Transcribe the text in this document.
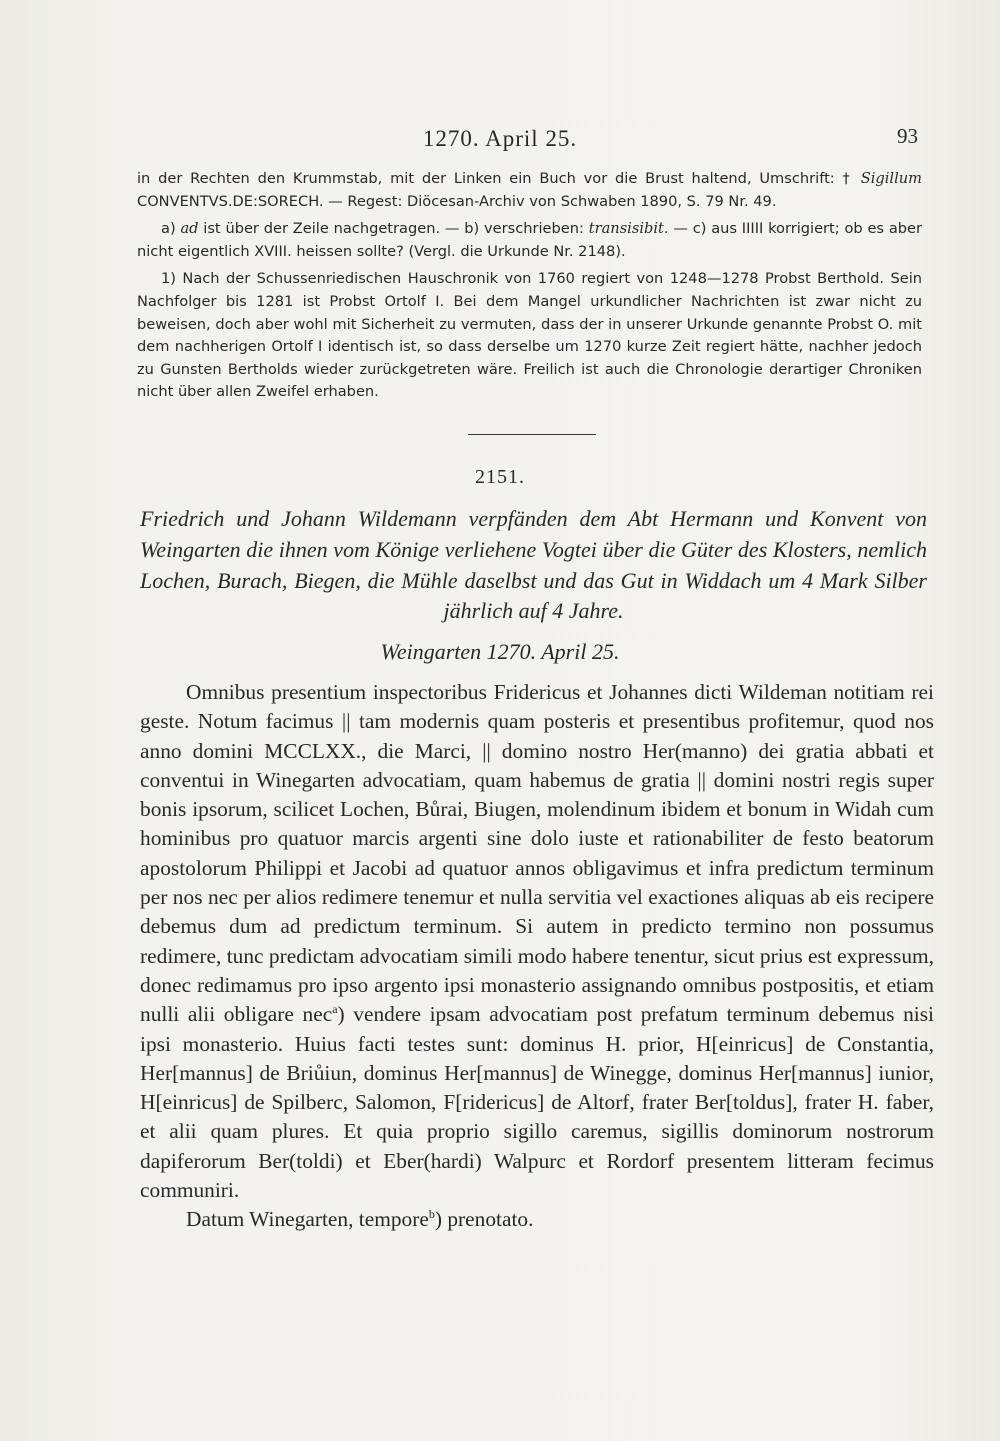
1270. April 25.	93

in der Rechten den Krummstab, mit der Linken ein Buch vor die Brust haltend, Umschrift: † Sigillum CONVENTVS.DE:SORECH. — Regest: Diöcesan-Archiv von Schwaben 1890, S. 79 Nr. 49.

a) ad ist über der Zeile nachgetragen. — b) verschrieben: transisibit. — c) aus IIIII korrigiert; ob es aber nicht eigentlich XVIII. heissen sollte? (Vergl. die Urkunde Nr. 2148).

1) Nach der Schussenriedischen Hauschronik von 1760 regiert von 1248—1278 Probst Berthold. Sein Nachfolger bis 1281 ist Probst Ortolf I. Bei dem Mangel urkundlicher Nachrichten ist zwar nicht zu beweisen, doch aber wohl mit Sicherheit zu vermuten, dass der in unserer Urkunde genannte Probst O. mit dem nachherigen Ortolf I identisch ist, so dass derselbe um 1270 kurze Zeit regiert hätte, nachher jedoch zu Gunsten Bertholds wieder zurückgetreten wäre. Freilich ist auch die Chronologie derartiger Chroniken nicht über allen Zweifel erhaben.

2151.
Friedrich und Johann Wildemann verpfänden dem Abt Hermann und Konvent von Weingarten die ihnen vom Könige verliehene Vogtei über die Güter des Klosters, nemlich Lochen, Burach, Biegen, die Mühle daselbst und das Gut in Widdach um 4 Mark Silber jährlich auf 4 Jahre.
Weingarten 1270. April 25.

Omnibus presentium inspectoribus Fridericus et Johannes dicti Wildeman notitiam rei geste. Notum facimus || tam modernis quam posteris et presentibus profitemur, quod nos anno domini MCCLXX., die Marci, || domino nostro Her(manno) dei gratia abbati et conventui in Winegarten advocatiam, quam habemus de gratia || domini nostri regis super bonis ipsorum, scilicet Lochen, Bůrai, Biugen, molendinum ibidem et bonum in Widah cum hominibus pro quatuor marcis argenti sine dolo iuste et rationabiliter de festo beatorum apostolorum Philippi et Jacobi ad quatuor annos obligavimus et infra predictum terminum per nos nec per alios redimere tenemur et nulla servitia vel exactiones aliquas ab eis recipere debemus dum ad predictum terminum. Si autem in predicto termino non possumus redimere, tunc predictam advocatiam simili modo habere tenentur, sicut prius est expressum, donec redimamus pro ipso argento ipsi monasterio assignando omnibus postpositis, et etiam nulli alii obligare nec$^a$) vendere ipsam advocatiam post prefatum terminum debemus nisi ipsi monasterio. Huius facti testes sunt: dominus H. prior, H[einricus] de Constantia, Her[mannus] de Briůiun, dominus Her[mannus] de Winegge, dominus Her[mannus] iunior, H[einricus] de Spilberc, Salomon, F[ridericus] de Altorf, frater Ber[toldus], frater H. faber, et alii quam plures. Et quia proprio sigillo caremus, sigillis dominorum nostrorum dapiferorum Ber(toldi) et Eber(hardi) Walpurc et Rordorf presentem litteram fecimus communiri.

Datum Winegarten, tempore$^b$) prenotato.
